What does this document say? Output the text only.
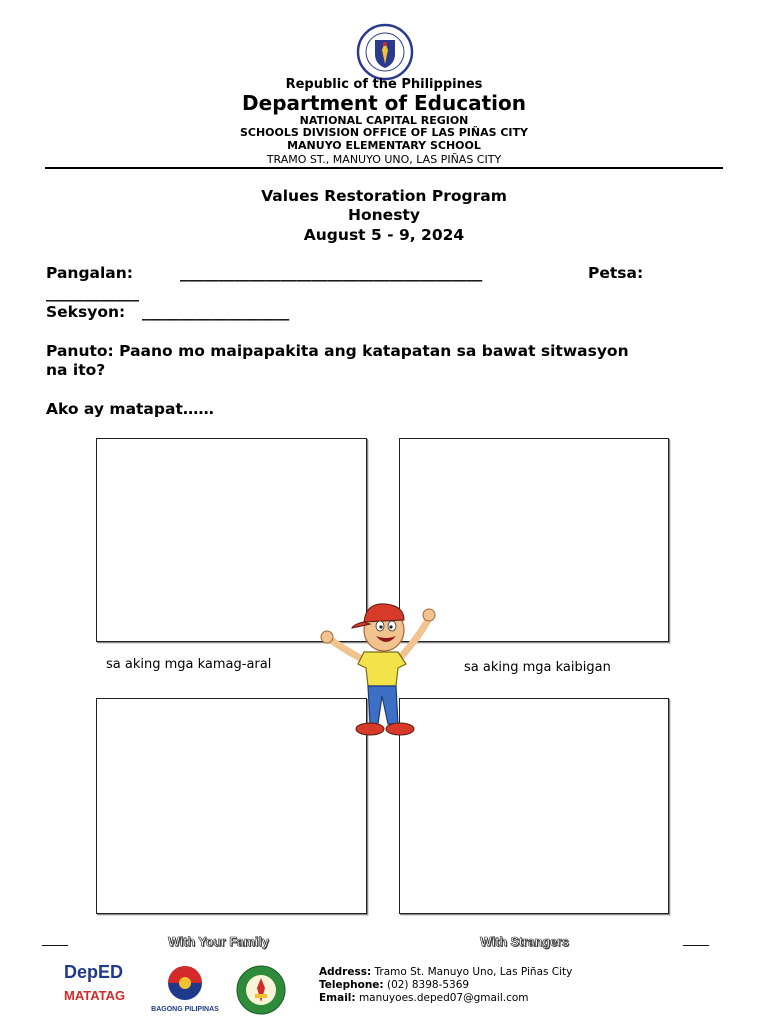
Republic of the Philippines
Department of Education
NATIONAL CAPITAL REGION
SCHOOLS DIVISION OFFICE OF LAS PIÑAS CITY
MANUYO ELEMENTARY SCHOOL
TRAMO ST., MANUYO UNO, LAS PIÑAS CITY
Values Restoration Program
Honesty
August 5 - 9, 2024
Pangalan:	_______________________________________	Petsa:
____________
Seksyon: ___________________
Panuto: Paano mo maipapakita ang katapatan sa bawat sitwasyon
na ito?
Ako ay matapat……
sa aking mga kamag-aral	sa aking mga kaibigan
____	With Your Family	With Strangers	____
DepED
MATATAG
BAGONG PILIPINAS
Address: Tramo St. Manuyo Uno, Las Piñas City
Telephone: (02) 8398-5369
Email: manuyoes.deped07@gmail.com
